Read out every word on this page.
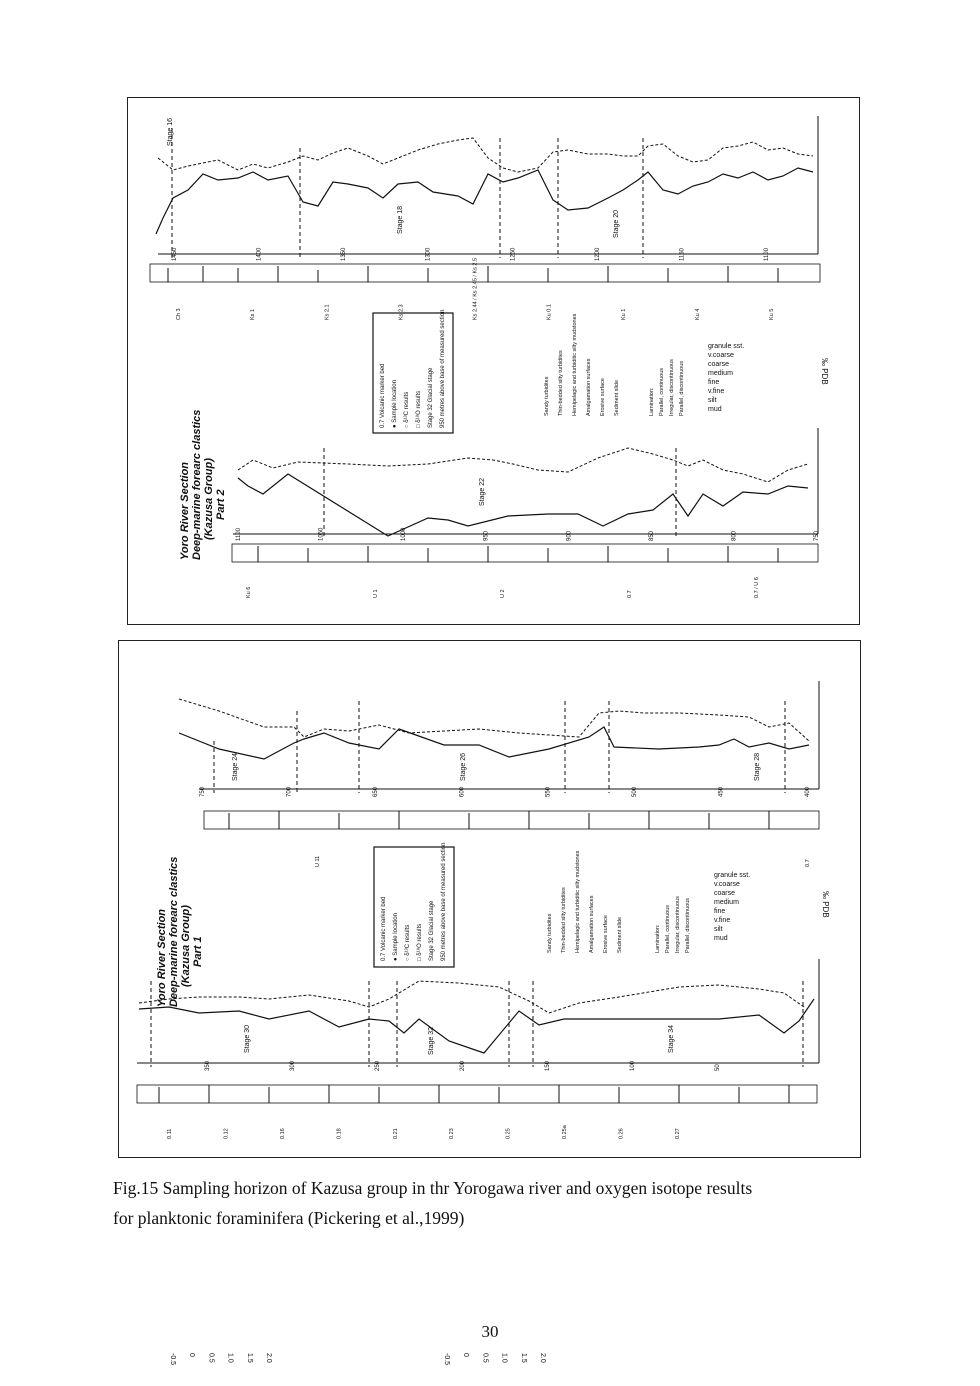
Yoro River Section Deep-marine forearc clastics (Kazusa Group) Part 2
‰ PDB
1450	1400	1350	1300	1250	1200	1150	1100
1100	1050	1000	950	900	850	800	750
Stage 16
Stage 18	Stage 20
Stage 22
Ch 3	Ks 1	Ks 2.1	Ks 2.3	Ks 2.44 / Ks 2.45 / Ks 2.5	Ku 0.1	Ku 1	Ku 4	Ku 5
Ku 6	U 1	U 2	0.7	0.7 / U 6
0.7 Volcanic marker bed ● Sample location ○ δ¹³C results □ δ¹⁸O results Stage 32 Glacial stage 950 metres above base of measured section	Sandy turbidites Thin-bedded silty turbidites Hemipelagic and turbiditic silty mudstones Amalgamation surfaces Erosive surface Sediment slide	Lamination: Parallel, continuous Irregular, discontinuous Parallel, discontinuous
granule sst.
v.coarse
coarse
medium
fine
v.fine
silt
mud
Yoro River Section Deep-marine forearc clastics (Kazusa Group) Part 1
‰ PDB
750	700	650	600	550	500	450	400
350	300	250	200	150	100	50
2.0
1.5
1.0
0.5
0
-0.5	2.0
1.5
1.0
0.5
0
-0.5
Stage 24	Stage 26	Stage 28
Stage 30	Stage 32	Stage 34
U 11	0.7
0.11	0.12	0.16	0.18	0.21	0.23	0.25	0.25a	0.26	0.27
0.7 Volcanic marker bed ● Sample location ○ δ¹³C results □ δ¹⁸O results Stage 32 Glacial stage 950 metres above base of measured section	Sandy turbidites Thin-bedded silty turbidites Hemipelagic and turbiditic silty mudstones Amalgamation surfaces Erosive surface Sediment slide	Lamination: Parallel, continuous Irregular, discontinuous Parallel, discontinuous
granule sst.
v.coarse
coarse
medium
fine
v.fine
silt
mud
Fig.15 Sampling horizon of Kazusa group in thr Yorogawa river and oxygen isotope results
for planktonic foraminifera (Pickering et al.,1999)
30
